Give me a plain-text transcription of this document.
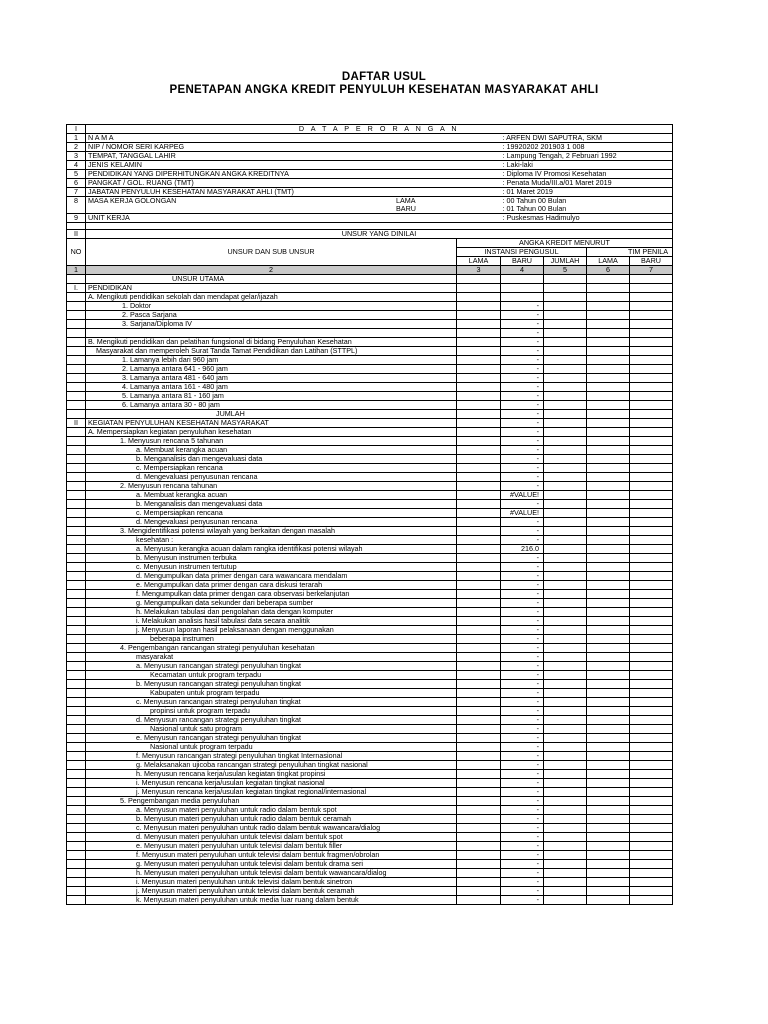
DAFTAR USUL
PENETAPAN ANGKA KREDIT PENYULUH KESEHATAN MASYARAKAT AHLI
I	D A T A P E R O R A N G A N					
1	N A M A		: ARFEN DWI SAPUTRA, SKM			
2	NIP / NOMOR SERI KARPEG		: 19920202 201903 1 008			
3	TEMPAT, TANGGAL LAHIR		: Lampung Tengah, 2 Februari 1992			
4	JENIS KELAMIN		: Laki-laki			
5	PENDIDIKAN YANG DIPERHITUNGKAN ANGKA KREDITNYA		: Diploma IV Promosi Kesehatan			
6	PANGKAT / GOL. RUANG (TMT)		: Penata Muda/III.a/01 Maret 2019			
7	JABATAN PENYULUH KESEHATAN MASYARAKAT AHLI (TMT)		: 01 Maret 2019			
8	MASA KERJA GOLONGAN LAMA		: 00 Tahun 00 Bulan			

	BARU		: 01 Tahun 00 Bulan			
9	UNIT KERJA		: Puskesmas Hadimulyo			

II	UNSUR YANG DINILAI					
NO	UNSUR DAN SUB UNSUR	ANGKA KREDIT MENURUT				
		INSTANSI PENGUSUL			TIM PENILA	
		LAMA	BARU	JUMLAH	LAMA	BARU
1	2	3	4	5	6	7
	UNSUR UTAMA					
I.	PENDIDIKAN					
	A. Mengikuti pendidikan sekolah dan mendapat gelar/ijazah					
	1. Doktor		-			
	2. Pasca Sarjana		-			
	3. Sarjana/Diploma IV		-			
			-			
	B. Mengikuti pendidikan dan pelatihan fungsional di bidang Penyuluhan Kesehatan		-			
	Masyarakat dan memperoleh Surat Tanda Tamat Pendidikan dan Latihan (STTPL)		-			
	1. Lamanya lebih dari 960 jam		-			
	2. Lamanya antara 641 - 960 jam		-			
	3. Lamanya antara 481 - 640 jam		-			
	4. Lamanya antara 161 - 480 jam		-			
	5. Lamanya antara 81 - 160 jam		-			
	6. Lamanya antara 30 - 80 jam		-			
	JUMLAH		-			
II	KEGIATAN PENYULUHAN KESEHATAN MASYARAKAT		-			
	A. Mempersiapkan kegiatan penyuluhan kesehatan		-			
	1. Menyusun rencana 5 tahunan		-			
	a. Membuat kerangka acuan		-			
	b. Menganalisis dan mengevaluasi data		-			
	c. Mempersiapkan rencana		-			
	d. Mengevaluasi penyusunan rencana		-			
	2. Menyusun rencana tahunan		-			
	a. Membuat kerangka acuan		#VALUE!			
	b. Menganalisis dan mengevaluasi data		-			
	c. Mempersiapkan rencana		#VALUE!			
	d. Mengevaluasi penyusunan rencana		-			
	3. Mengidentifikasi potensi wilayah yang berkaitan dengan masalah		-			
	kesehatan :		-			
	a. Menyusun kerangka acuan dalam rangka identifikasi potensi wilayah		216.0			
	b. Menyusun instrumen terbuka		-			
	c. Menyusun instrumen tertutup		-			
	d. Mengumpulkan data primer dengan cara wawancara mendalam		-			
	e. Mengumpulkan data primer dengan cara diskusi terarah		-			
	f. Mengumpulkan data primer dengan cara observasi berkelanjutan		-			
	g. Mengumpulkan data sekunder dari beberapa sumber		-			
	h. Melakukan tabulasi dan pengolahan data dengan komputer		-			
	i. Melakukan analisis hasil tabulasi data secara analitik		-			
	j. Menyusun laporan hasil pelaksanaan dengan menggunakan		-			
	beberapa instrumen		-			
	4. Pengembangan rancangan strategi penyuluhan kesehatan		-			
	masyarakat		-			
	a. Menyusun rancangan strategi penyuluhan tingkat		-			
	Kecamatan untuk program terpadu		-			
	b. Menyusun rancangan strategi penyuluhan tingkat		-			
	Kabupaten untuk program terpadu		-			
	c. Menyusun rancangan strategi penyuluhan tingkat		-			
	propinsi untuk program terpadu		-			
	d. Menyusun rancangan strategi penyuluhan tingkat		-			
	Nasional untuk satu program		-			
	e. Menyusun rancangan strategi penyuluhan tingkat		-			
	Nasional untuk program terpadu		-			
	f. Menyusun rancangan strategi penyuluhan tingkat Internasional		-			
	g. Melaksanakan ujicoba rancangan strategi penyuluhan tingkat nasional		-			
	h. Menyusun rencana kerja/usulan kegiatan tingkat propinsi		-			
	i. Menyusun rencana kerja/usulan kegiatan tingkat nasional		-			
	j. Menyusun rencana kerja/usulan kegiatan tingkat regional/internasional		-			
	5. Pengembangan media penyuluhan		-			
	a. Menyusun materi penyuluhan untuk radio dalam bentuk spot		-			
	b. Menyusun materi penyuluhan untuk radio dalam bentuk ceramah		-			
	c. Menyusun materi penyuluhan untuk radio dalam bentuk wawancara/dialog		-			
	d. Menyusun materi penyuluhan untuk televisi dalam bentuk spot		-			
	e. Menyusun materi penyuluhan untuk televisi dalam bentuk filler		-			
	f. Menyusun materi penyuluhan untuk televisi dalam bentuk fragmen/obrolan		-			
	g. Menyusun materi penyuluhan untuk televisi dalam bentuk drama seri		-			
	h. Menyusun materi penyuluhan untuk televisi dalam bentuk wawancara/dialog		-			
	i. Menyusun materi penyuluhan untuk televisi dalam bentuk sinetron		-			
	j. Menyusun materi penyuluhan untuk televisi dalam bentuk ceramah		-			
	k. Menyusun materi penyuluhan untuk media luar ruang dalam bentuk		-			
